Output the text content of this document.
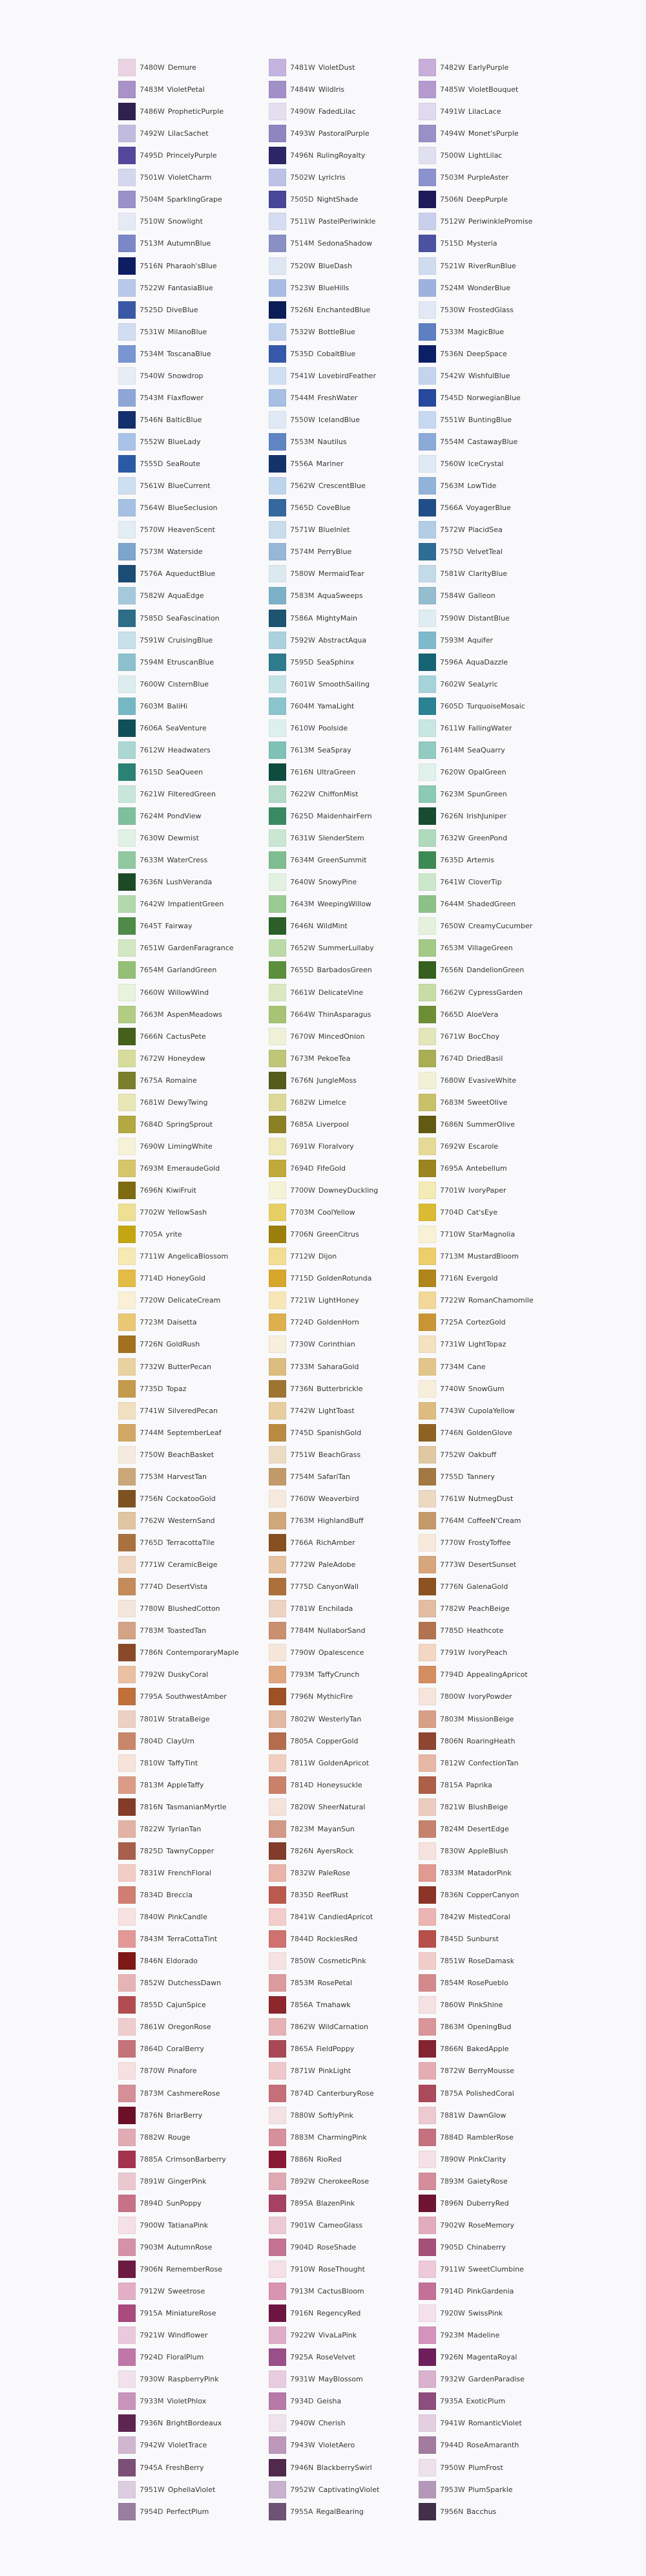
7480W Demure	7481W VioletDust	7482W EarlyPurple
7483M VioletPetal	7484W WildIris	7485W VioletBouquet
7486W PropheticPurple	7490W FadedLilac	7491W LilacLace
7492W LilacSachet	7493W PastoralPurple	7494W Monet'sPurple
7495D PrincelyPurple	7496N RulingRoyalty	7500W LightLilac
7501W VioletCharm	7502W LyricIris	7503M PurpleAster
7504M SparklingGrape	7505D NightShade	7506N DeepPurple
7510W Snowlight	7511W PastelPeriwinkle	7512W PeriwinklePromise
7513M AutumnBlue	7514M SedonaShadow	7515D Mysteria
7516N Pharaoh'sBlue	7520W BlueDash	7521W RiverRunBlue
7522W FantasiaBlue	7523W BlueHills	7524M WonderBlue
7525D DiveBlue	7526N EnchantedBlue	7530W FrostedGlass
7531W MilanoBlue	7532W BottleBlue	7533M MagicBlue
7534M ToscanaBlue	7535D CobaltBlue	7536N DeepSpace
7540W Snowdrop	7541W LovebirdFeather	7542W WishfulBlue
7543M Flaxflower	7544M FreshWater	7545D NorwegianBlue
7546N BalticBlue	7550W IcelandBlue	7551W BuntingBlue
7552W BlueLady	7553M Nautilus	7554M CastawayBlue
7555D SeaRoute	7556A Mariner	7560W IceCrystal
7561W BlueCurrent	7562W CrescentBlue	7563M LowTide
7564W BlueSeclusion	7565D CoveBlue	7566A VoyagerBlue
7570W HeavenScent	7571W BlueInlet	7572W PlacidSea
7573M Waterside	7574M PerryBlue	7575D VelvetTeal
7576A AqueductBlue	7580W MermaidTear	7581W ClarityBlue
7582W AquaEdge	7583M AquaSweeps	7584W Galleon
7585D SeaFascination	7586A MightyMain	7590W DistantBlue
7591W CruisingBlue	7592W AbstractAqua	7593M Aquifer
7594M EtruscanBlue	7595D SeaSphinx	7596A AquaDazzle
7600W CisternBlue	7601W SmoothSailing	7602W SeaLyric
7603M BaliHi	7604M YamaLight	7605D TurquoiseMosaic
7606A SeaVenture	7610W Poolside	7611W FallingWater
7612W Headwaters	7613M SeaSpray	7614M SeaQuarry
7615D SeaQueen	7616N UltraGreen	7620W OpalGreen
7621W FilteredGreen	7622W ChiffonMist	7623M SpunGreen
7624M PondView	7625D MaidenhairFern	7626N IrishJuniper
7630W Dewmist	7631W SlenderStem	7632W GreenPond
7633M WaterCress	7634M GreenSummit	7635D Artemis
7636N LushVeranda	7640W SnowyPine	7641W CloverTip
7642W ImpatientGreen	7643M WeepingWillow	7644M ShadedGreen
7645T Fairway	7646N WildMint	7650W CreamyCucumber
7651W GardenFaragrance	7652W SummerLullaby	7653M VillageGreen
7654M GarlandGreen	7655D BarbadosGreen	7656N DandelionGreen
7660W WillowWind	7661W DelicateVine	7662W CypressGarden
7663M AspenMeadows	7664W ThinAsparagus	7665D AloeVera
7666N CactusPete	7670W MincedOnion	7671W BocChoy
7672W Honeydew	7673M PekoeTea	7674D DriedBasil
7675A Romaine	7676N JungleMoss	7680W EvasiveWhite
7681W DewyTwing	7682W LimeIce	7683M SweetOlive
7684D SpringSprout	7685A Liverpool	7686N SummerOlive
7690W LimingWhite	7691W FloraIvory	7692W Escarole
7693M EmeraudeGold	7694D FifeGold	7695A Antebellum
7696N KiwiFruit	7700W DowneyDuckling	7701W IvoryPaper
7702W YellowSash	7703M CoolYellow	7704D Cat'sEye
7705A yrite	7706N GreenCitrus	7710W StarMagnolia
7711W AngelicaBlossom	7712W Dijon	7713M MustardBloom
7714D HoneyGold	7715D GoldenRotunda	7716N Evergold
7720W DelicateCream	7721W LightHoney	7722W RomanChamomile
7723M Daisetta	7724D GoldenHorn	7725A CortezGold
7726N GoldRush	7730W Corinthian	7731W LightTopaz
7732W ButterPecan	7733M SaharaGold	7734M Cane
7735D Topaz	7736N Butterbrickle	7740W SnowGum
7741W SilveredPecan	7742W LightToast	7743W CupolaYellow
7744M SeptemberLeaf	7745D SpanishGold	7746N GoldenGlove
7750W BeachBasket	7751W BeachGrass	7752W Oakbuff
7753M HarvestTan	7754M SafariTan	7755D Tannery
7756N CockatooGold	7760W Weaverbird	7761W NutmegDust
7762W WesternSand	7763M HighlandBuff	7764M CoffeeN'Cream
7765D TerracottaTile	7766A RichAmber	7770W FrostyToffee
7771W CeramicBeige	7772W PaleAdobe	7773W DesertSunset
7774D DesertVista	7775D CanyonWall	7776N GalenaGold
7780W BlushedCotton	7781W Enchilada	7782W PeachBeige
7783M ToastedTan	7784M NullaborSand	7785D Heathcote
7786N ContemporaryMaple	7790W Opalescence	7791W IvoryPeach
7792W DuskyCoral	7793M TaffyCrunch	7794D AppealingApricot
7795A SouthwestAmber	7796N MythicFire	7800W IvoryPowder
7801W StrataBeige	7802W WesterlyTan	7803M MissionBeige
7804D ClayUrn	7805A CopperGold	7806N RoaringHeath
7810W TaffyTint	7811W GoldenApricot	7812W ConfectionTan
7813M AppleTaffy	7814D Honeysuckle	7815A Paprika
7816N TasmanianMyrtle	7820W SheerNatural	7821W BlushBeige
7822W TyrianTan	7823M MayanSun	7824M DesertEdge
7825D TawnyCopper	7826N AyersRock	7830W AppleBlush
7831W FrenchFloral	7832W PaleRose	7833M MatadorPink
7834D Breccia	7835D ReefRust	7836N CopperCanyon
7840W PinkCandle	7841W CandiedApricot	7842W MistedCoral
7843M TerraCottaTint	7844D RockiesRed	7845D Sunburst
7846N Eldorado	7850W CosmeticPink	7851W RoseDamask
7852W DutchessDawn	7853M RosePetal	7854M RosePueblo
7855D CajunSpice	7856A Tmahawk	7860W PinkShine
7861W OregonRose	7862W WildCarnation	7863M OpeningBud
7864D CoralBerry	7865A FieldPoppy	7866N BakedApple
7870W Pinafore	7871W PinkLight	7872W BerryMousse
7873M CashmereRose	7874D CanterburyRose	7875A PolishedCoral
7876N BriarBerry	7880W SoftlyPink	7881W DawnGlow
7882W Rouge	7883M CharmingPink	7884D RamblerRose
7885A CrimsonBarberry	7886N RioRed	7890W PinkClarity
7891W GingerPink	7892W CherokeeRose	7893M GaietyRose
7894D SunPoppy	7895A BlazenPink	7896N DuberryRed
7900W TatianaPink	7901W CameoGlass	7902W RoseMemory
7903M AutumnRose	7904D RoseShade	7905D Chinaberry
7906N RememberRose	7910W RoseThought	7911W SweetClumbine
7912W Sweetrose	7913M CactusBloom	7914D PinkGardenia
7915A MiniatureRose	7916N RegencyRed	7920W SwissPink
7921W Windflower	7922W VivaLaPink	7923M Madeline
7924D FloralPlum	7925A RoseVelvet	7926N MagentaRoyal
7930W RaspberryPink	7931W MayBlossom	7932W GardenParadise
7933M VioletPhlox	7934D Geisha	7935A ExoticPlum
7936N BrightBordeaux	7940W Cherish	7941W RomanticViolet
7942W VioletTrace	7943W VioletAero	7944D RoseAmaranth
7945A FreshBerry	7946N BlackberrySwirl	7950W PlumFrost
7951W OpheliaViolet	7952W CaptivatingViolet	7953W PlumSparkle
7954D PerfectPlum	7955A RegalBearing	7956N Bacchus
